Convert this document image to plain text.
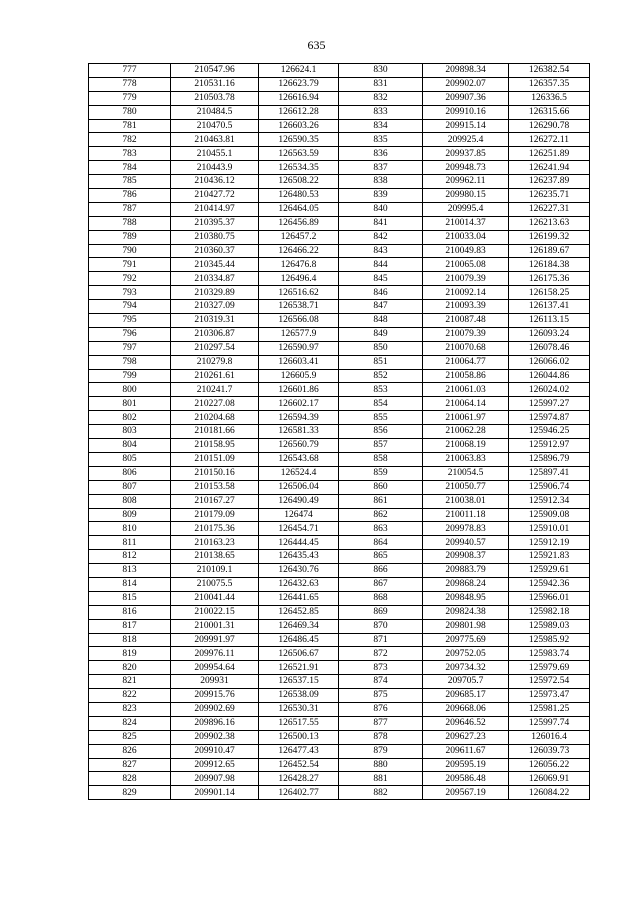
635
777	210547.96	126624.1	830	209898.34	126382.54
778	210531.16	126623.79	831	209902.07	126357.35
779	210503.78	126616.94	832	209907.36	126336.5
780	210484.5	126612.28	833	209910.16	126315.66
781	210470.5	126603.26	834	209915.14	126290.78
782	210463.81	126590.35	835	209925.4	126272.11
783	210455.1	126563.59	836	209937.85	126251.89
784	210443.9	126534.35	837	209948.73	126241.94
785	210436.12	126508.22	838	209962.11	126237.89
786	210427.72	126480.53	839	209980.15	126235.71
787	210414.97	126464.05	840	209995.4	126227.31
788	210395.37	126456.89	841	210014.37	126213.63
789	210380.75	126457.2	842	210033.04	126199.32
790	210360.37	126466.22	843	210049.83	126189.67
791	210345.44	126476.8	844	210065.08	126184.38
792	210334.87	126496.4	845	210079.39	126175.36
793	210329.89	126516.62	846	210092.14	126158.25
794	210327.09	126538.71	847	210093.39	126137.41
795	210319.31	126566.08	848	210087.48	126113.15
796	210306.87	126577.9	849	210079.39	126093.24
797	210297.54	126590.97	850	210070.68	126078.46
798	210279.8	126603.41	851	210064.77	126066.02
799	210261.61	126605.9	852	210058.86	126044.86
800	210241.7	126601.86	853	210061.03	126024.02
801	210227.08	126602.17	854	210064.14	125997.27
802	210204.68	126594.39	855	210061.97	125974.87
803	210181.66	126581.33	856	210062.28	125946.25
804	210158.95	126560.79	857	210068.19	125912.97
805	210151.09	126543.68	858	210063.83	125896.79
806	210150.16	126524.4	859	210054.5	125897.41
807	210153.58	126506.04	860	210050.77	125906.74
808	210167.27	126490.49	861	210038.01	125912.34
809	210179.09	126474	862	210011.18	125909.08
810	210175.36	126454.71	863	209978.83	125910.01
811	210163.23	126444.45	864	209940.57	125912.19
812	210138.65	126435.43	865	209908.37	125921.83
813	210109.1	126430.76	866	209883.79	125929.61
814	210075.5	126432.63	867	209868.24	125942.36
815	210041.44	126441.65	868	209848.95	125966.01
816	210022.15	126452.85	869	209824.38	125982.18
817	210001.31	126469.34	870	209801.98	125989.03
818	209991.97	126486.45	871	209775.69	125985.92
819	209976.11	126506.67	872	209752.05	125983.74
820	209954.64	126521.91	873	209734.32	125979.69
821	209931	126537.15	874	209705.7	125972.54
822	209915.76	126538.09	875	209685.17	125973.47
823	209902.69	126530.31	876	209668.06	125981.25
824	209896.16	126517.55	877	209646.52	125997.74
825	209902.38	126500.13	878	209627.23	126016.4
826	209910.47	126477.43	879	209611.67	126039.73
827	209912.65	126452.54	880	209595.19	126056.22
828	209907.98	126428.27	881	209586.48	126069.91
829	209901.14	126402.77	882	209567.19	126084.22
